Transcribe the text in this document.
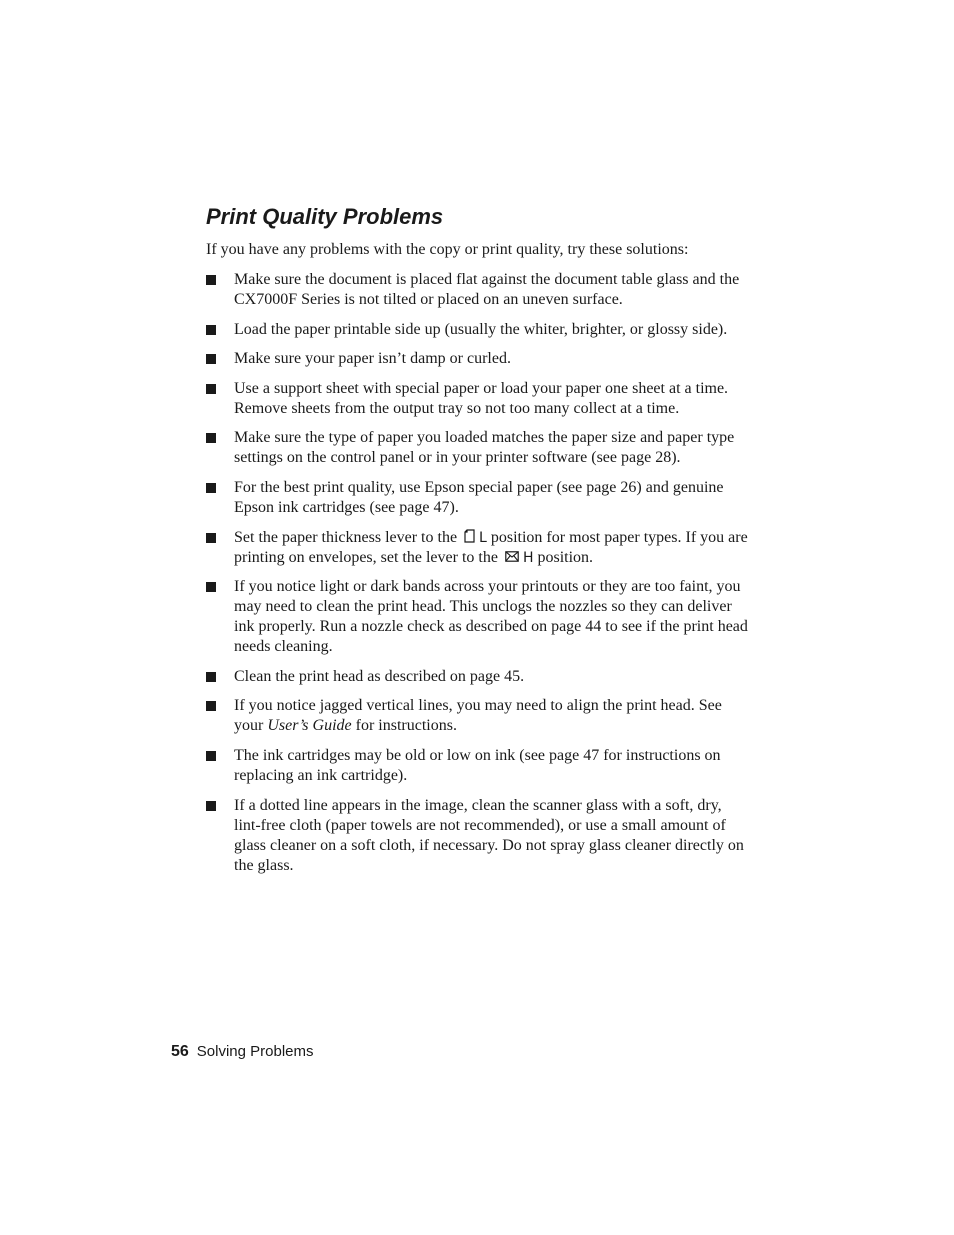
Print Quality Problems

If you have any problems with the copy or print quality, try these solutions:

Make sure the document is placed flat against the document table glass and the CX7000F Series is not tilted or placed on an uneven surface.
Load the paper printable side up (usually the whiter, brighter, or glossy side).
Make sure your paper isn’t damp or curled.
Use a support sheet with special paper or load your paper one sheet at a time. Remove sheets from the output tray so not too many collect at a time.
Make sure the type of paper you loaded matches the paper size and paper type settings on the control panel or in your printer software (see page 28).
For the best print quality, use Epson special paper (see page 26) and genuine Epson ink cartridges (see page 47).
Set the paper thickness lever to the L position for most paper types. If you are printing on envelopes, set the lever to the H position.
If you notice light or dark bands across your printouts or they are too faint, you may need to clean the print head. This unclogs the nozzles so they can deliver ink properly. Run a nozzle check as described on page 44 to see if the print head needs cleaning.
Clean the print head as described on page 45.
If you notice jagged vertical lines, you may need to align the print head. See your User’s Guide for instructions.
The ink cartridges may be old or low on ink (see page 47 for instructions on replacing an ink cartridge).
If a dotted line appears in the image, clean the scanner glass with a soft, dry, lint-free cloth (paper towels are not recommended), or use a small amount of glass cleaner on a soft cloth, if necessary. Do not spray glass cleaner directly on the glass.
56 Solving Problems
